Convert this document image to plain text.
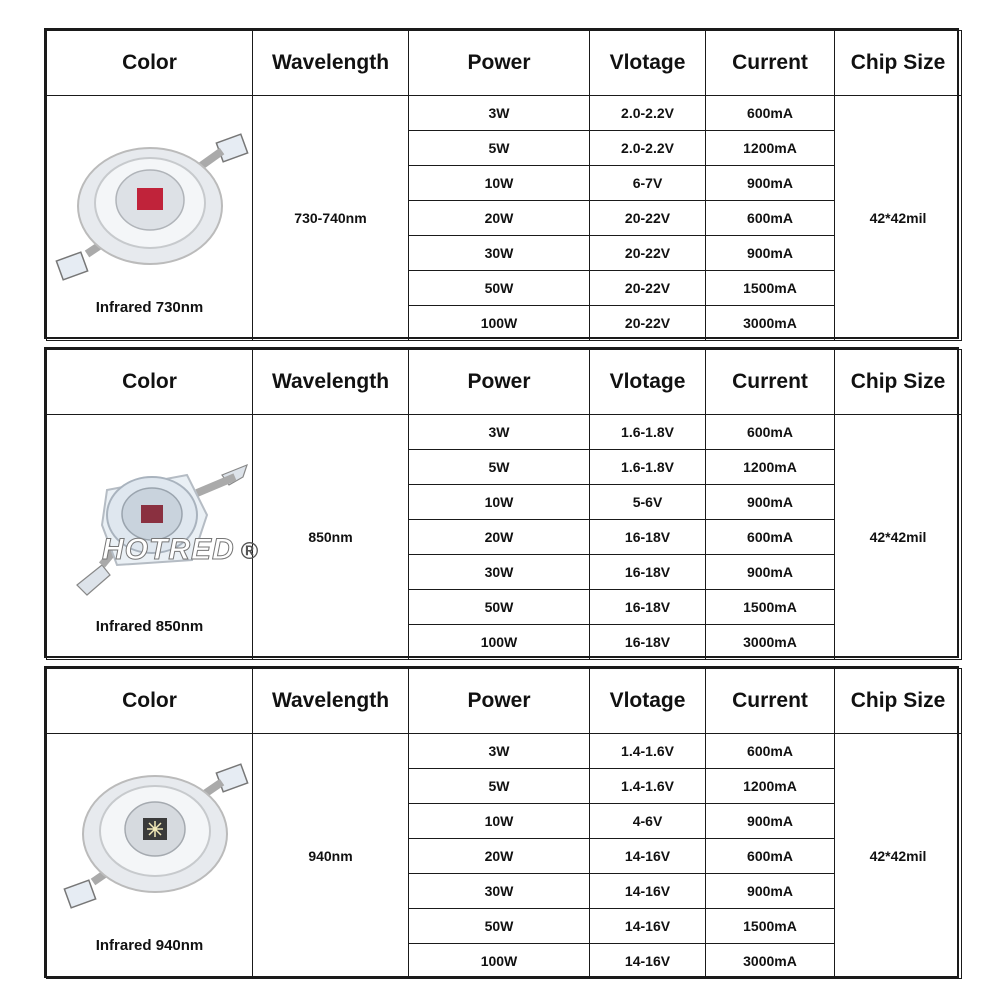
Color	Wavelength	Power	Vlotage	Current	Chip Size

Infrared 730nm	730-740nm	3W	2.0-2.2V	600mA	42*42mil
		5W	2.0-2.2V	1200mA	
		10W	6-7V	900mA	
		20W	20-22V	600mA	
		30W	20-22V	900mA	
		50W	20-22V	1500mA	
		100W	20-22V	3000mA	
Color	Wavelength	Power	Vlotage	Current	Chip Size

HOTRED ®
Infrared 850nm	850nm	3W	1.6-1.8V	600mA	42*42mil
		5W	1.6-1.8V	1200mA	
		10W	5-6V	900mA	
		20W	16-18V	600mA	
		30W	16-18V	900mA	
		50W	16-18V	1500mA	
		100W	16-18V	3000mA	
Color	Wavelength	Power	Vlotage	Current	Chip Size

Infrared 940nm	940nm	3W	1.4-1.6V	600mA	42*42mil
		5W	1.4-1.6V	1200mA	
		10W	4-6V	900mA	
		20W	14-16V	600mA	
		30W	14-16V	900mA	
		50W	14-16V	1500mA	
		100W	14-16V	3000mA	
